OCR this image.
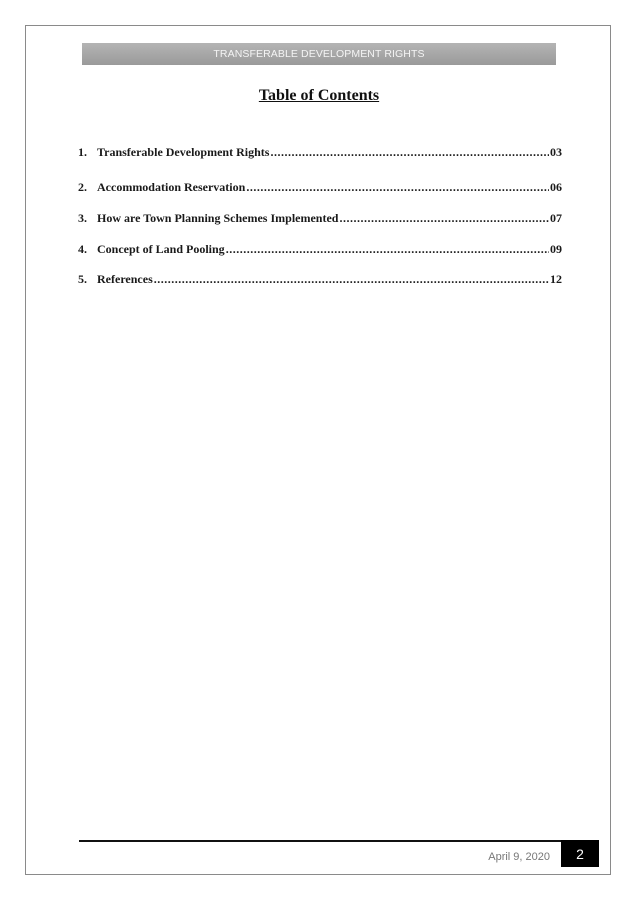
TRANSFERABLE DEVELOPMENT RIGHTS
Table of Contents
1. Transferable Development Rights .....	03
2. Accommodation Reservation .....	06
3. How are Town Planning Schemes Implemented .....	07
4. Concept of Land Pooling .....	09
5. References .....	12
April 9, 2020 2
